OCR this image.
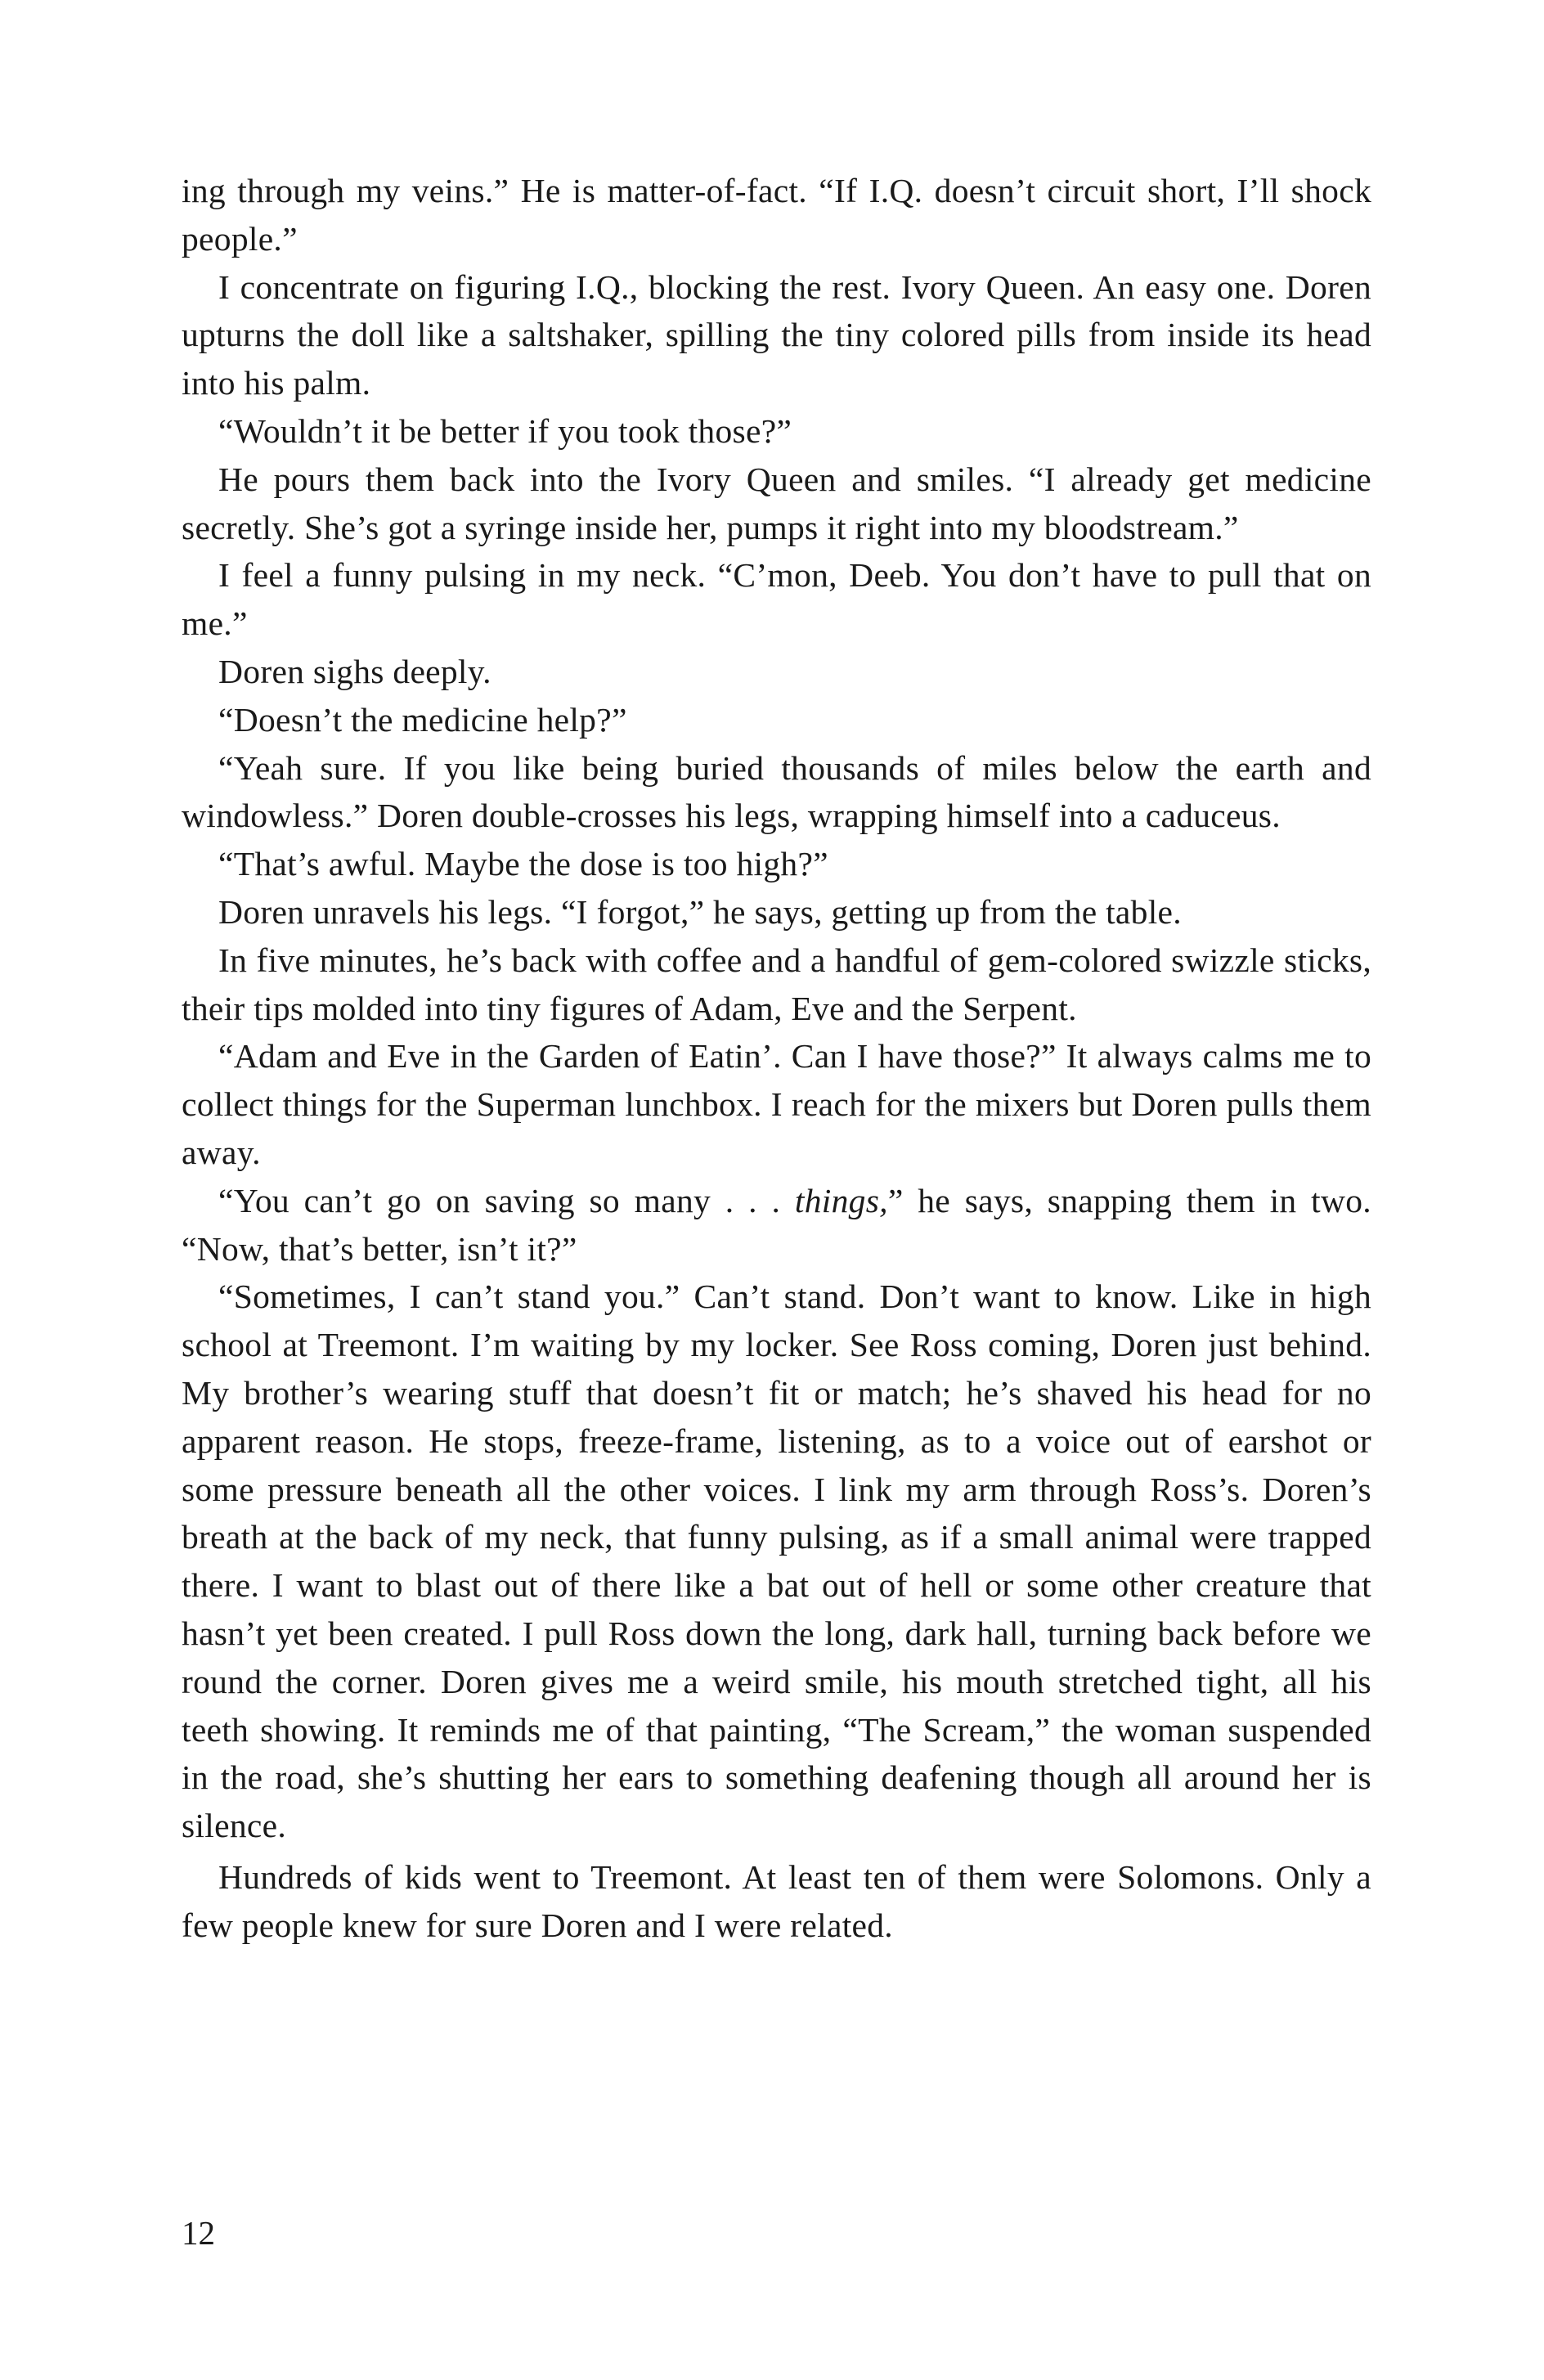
ing through my veins.” He is matter-of-fact. “If I.Q. doesn’t circuit short, I’ll shock people.”

I concentrate on figuring I.Q., blocking the rest. Ivory Queen. An easy one. Doren upturns the doll like a saltshaker, spilling the tiny colored pills from inside its head into his palm.

“Wouldn’t it be better if you took those?”

He pours them back into the Ivory Queen and smiles. “I already get medicine secretly. She’s got a syringe inside her, pumps it right into my bloodstream.”

I feel a funny pulsing in my neck. “C’mon, Deeb. You don’t have to pull that on me.”

Doren sighs deeply.

“Doesn’t the medicine help?”

“Yeah sure. If you like being buried thousands of miles below the earth and windowless.” Doren double-crosses his legs, wrapping himself into a caduceus.

“That’s awful. Maybe the dose is too high?”

Doren unravels his legs. “I forgot,” he says, getting up from the table.

In five minutes, he’s back with coffee and a handful of gem-colored swizzle sticks, their tips molded into tiny figures of Adam, Eve and the Serpent.

“Adam and Eve in the Garden of Eatin’. Can I have those?” It always calms me to collect things for the Superman lunchbox. I reach for the mixers but Doren pulls them away.

“You can’t go on saving so many . . . things,” he says, snapping them in two. “Now, that’s better, isn’t it?”

“Sometimes, I can’t stand you.” Can’t stand. Don’t want to know. Like in high school at Treemont. I’m waiting by my locker. See Ross coming, Doren just behind. My brother’s wearing stuff that doesn’t fit or match; he’s shaved his head for no apparent reason. He stops, freeze-frame, listening, as to a voice out of earshot or some pressure beneath all the other voices. I link my arm through Ross’s. Doren’s breath at the back of my neck, that funny pulsing, as if a small animal were trapped there. I want to blast out of there like a bat out of hell or some other creature that hasn’t yet been created. I pull Ross down the long, dark hall, turning back before we round the corner. Doren gives me a weird smile, his mouth stretched tight, all his teeth showing. It reminds me of that painting, “The Scream,” the woman suspended in the road, she’s shutting her ears to something deafening though all around her is silence.

Hundreds of kids went to Treemont. At least ten of them were Solomons. Only a few people knew for sure Doren and I were related.

12
